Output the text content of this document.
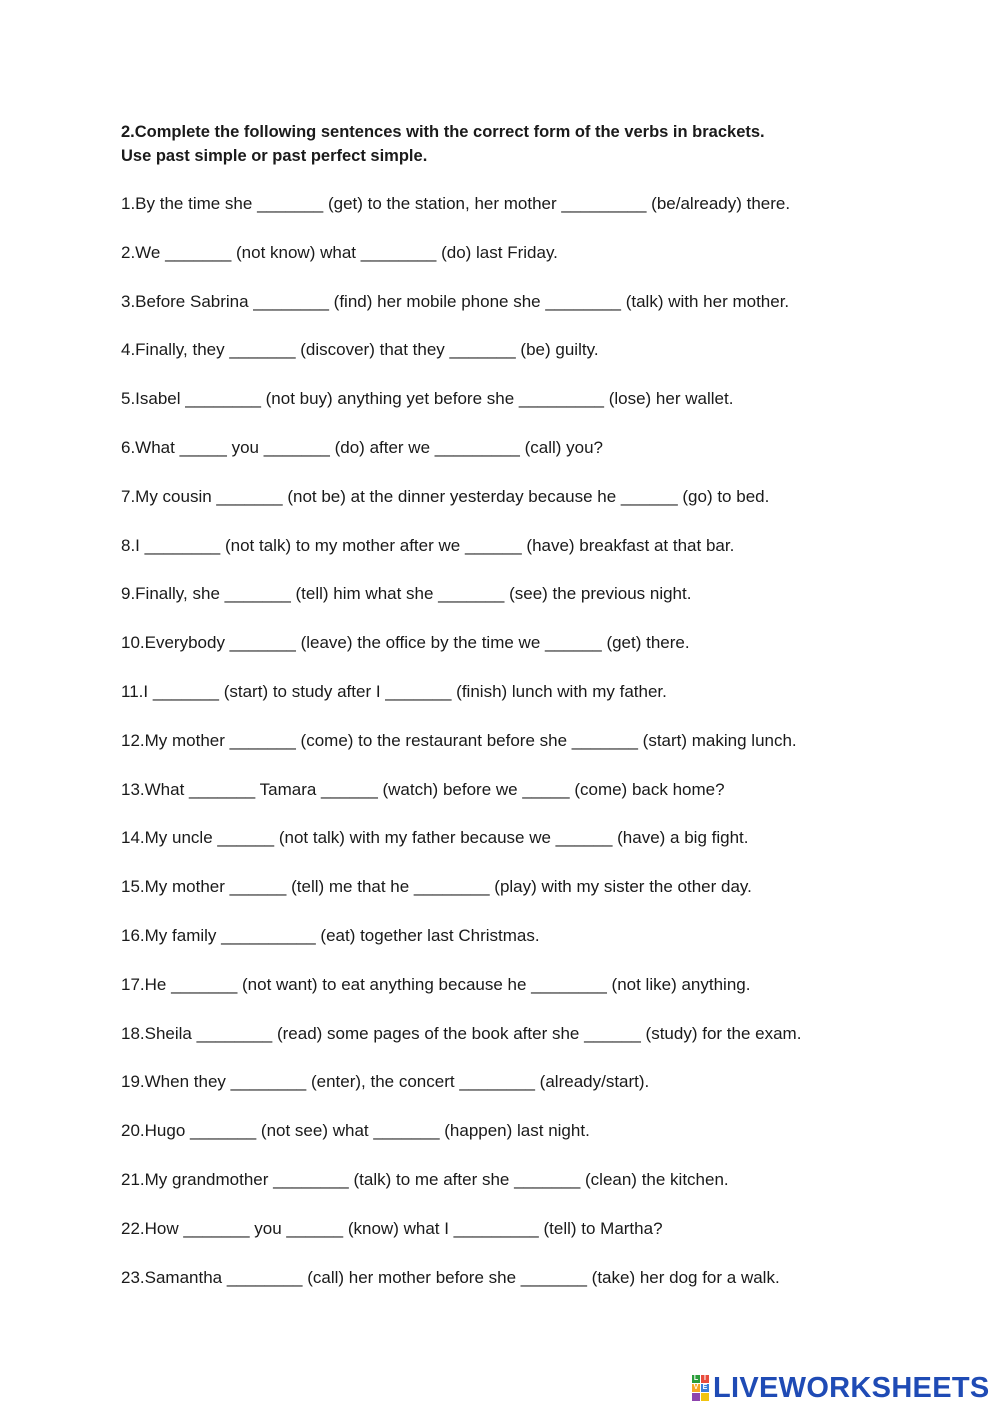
2.Complete the following sentences with the correct form of the verbs in brackets.
Use past simple or past perfect simple.
1.By the time she _______ (get) to the station, her mother _________ (be/already) there.
2.We _______ (not know) what ________ (do) last Friday.
3.Before Sabrina ________ (find) her mobile phone she ________ (talk) with her mother.
4.Finally, they _______ (discover) that they _______ (be) guilty.
5.Isabel ________ (not buy) anything yet before she _________ (lose) her wallet.
6.What _____ you _______ (do) after we _________ (call) you?
7.My cousin _______ (not be) at the dinner yesterday because he ______ (go) to bed.
8.I ________ (not talk) to my mother after we ______ (have) breakfast at that bar.
9.Finally, she _______ (tell) him what she _______ (see) the previous night.
10.Everybody _______ (leave) the office by the time we ______ (get) there.
11.I _______ (start) to study after I _______ (finish) lunch with my father.
12.My mother _______ (come) to the restaurant before she _______ (start) making lunch.
13.What _______ Tamara ______ (watch) before we _____ (come) back home?
14.My uncle ______ (not talk) with my father because we ______ (have) a big fight.
15.My mother ______ (tell) me that he ________ (play) with my sister the other day.
16.My family __________ (eat) together last Christmas.
17.He _______ (not want) to eat anything because he ________ (not like) anything.
18.Sheila ________ (read) some pages of the book after she ______ (study) for the exam.
19.When they ________ (enter), the concert ________ (already/start).
20.Hugo _______ (not see) what _______ (happen) last night.
21.My grandmother ________ (talk) to me after she _______ (clean) the kitchen.
22.How _______ you ______ (know) what I _________ (tell) to Martha?
23.Samantha ________ (call) her mother before she _______ (take) her dog for a walk.
L I
V E LIVEWORKSHEETS
